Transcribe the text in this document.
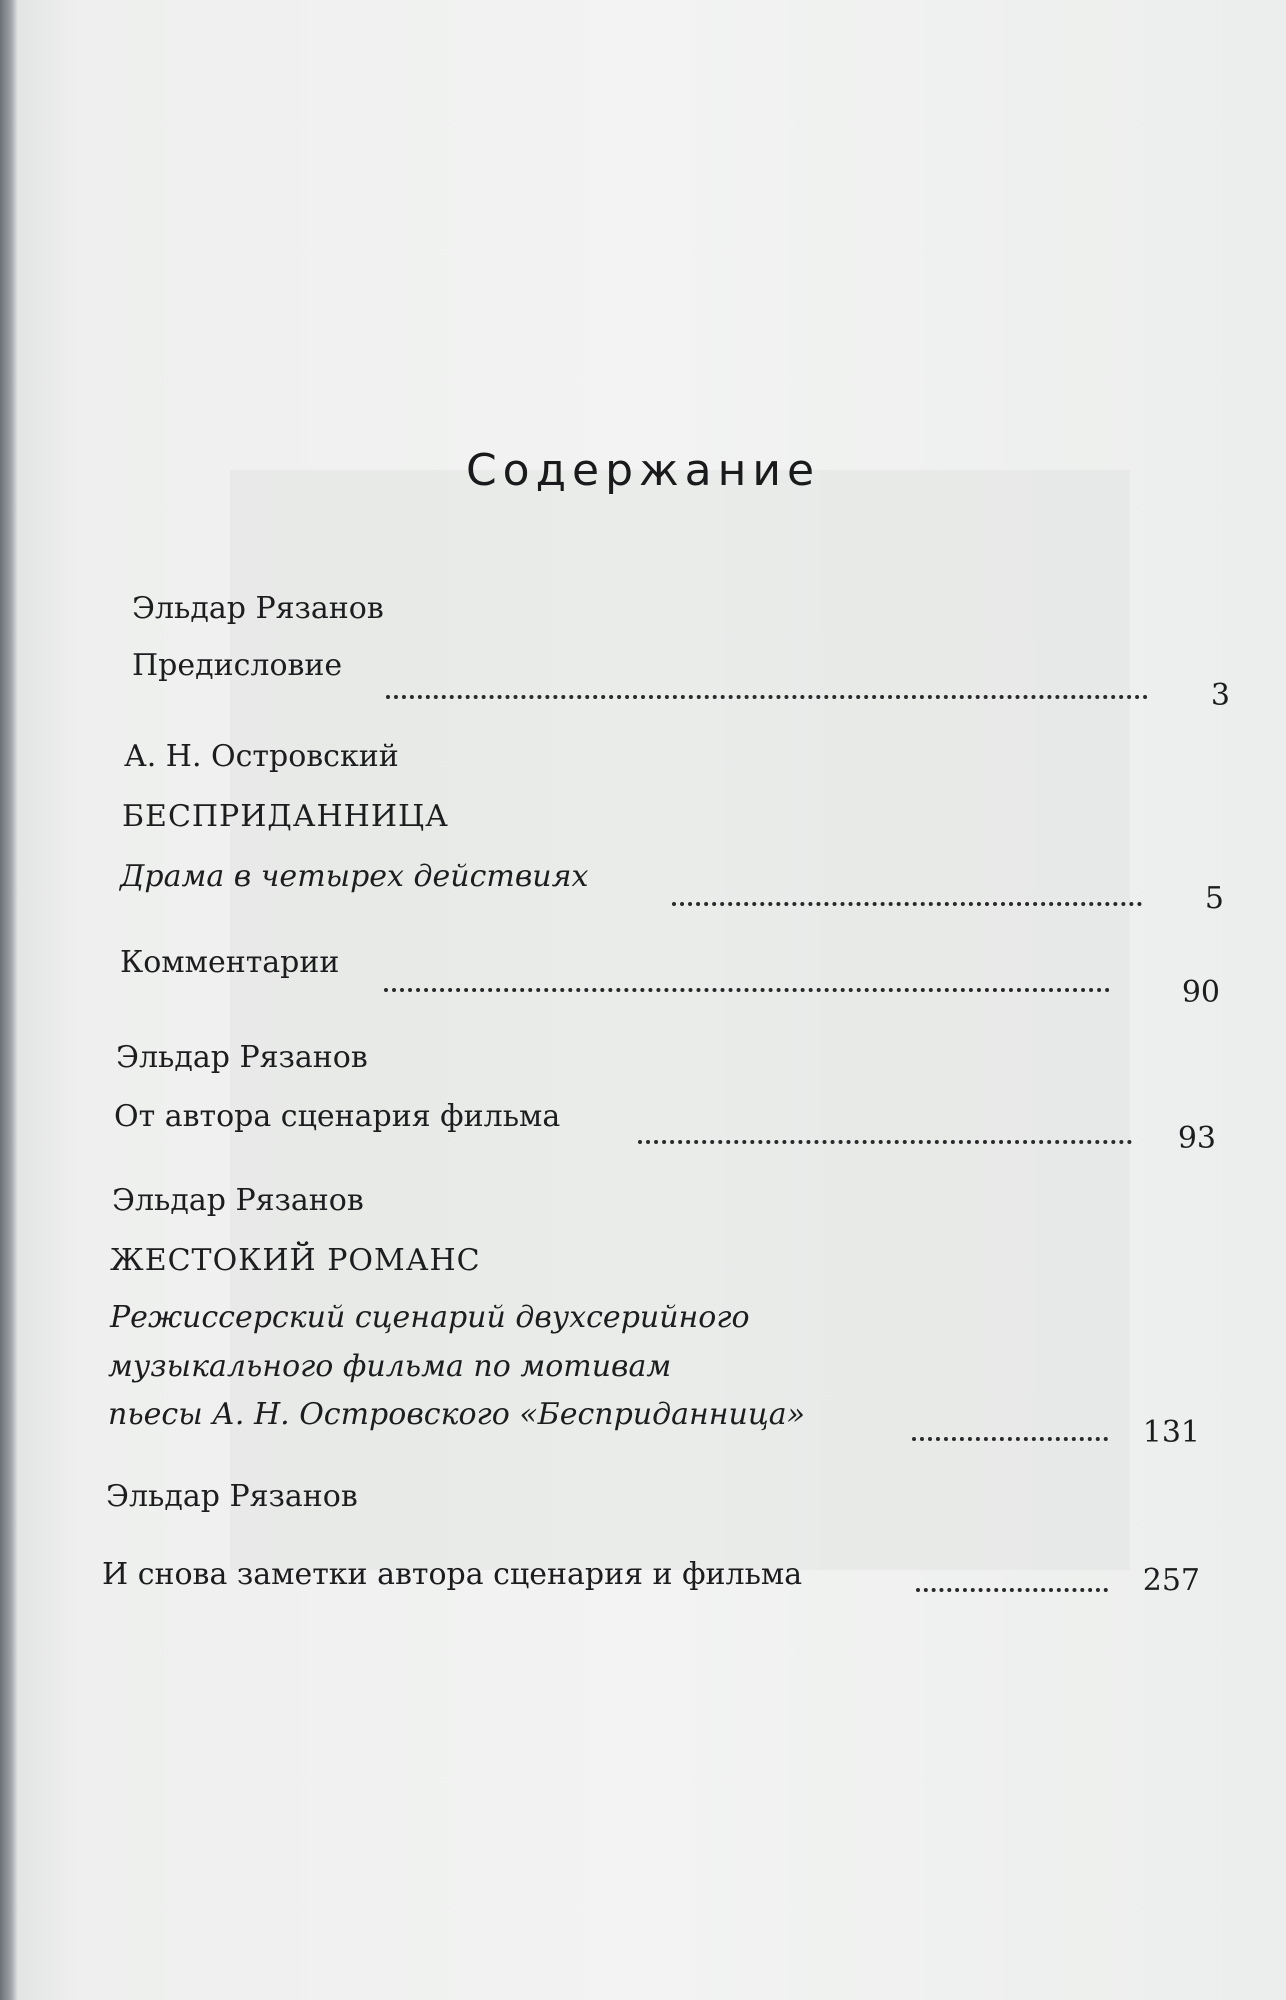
Содержание
Эльдар Рязанов
Предисловие
3
А. Н. Островский
БЕСПРИДАННИЦА
Драма в четырех действиях
5
Комментарии
90
Эльдар Рязанов
От автора сценария фильма
93
Эльдар Рязанов
ЖЕСТОКИЙ РОМАНС
Режиссерский сценарий двухсерийного
музыкального фильма по мотивам
пьесы А. Н. Островского «Бесприданница»
131
Эльдар Рязанов
И снова заметки автора сценария и фильма	257
